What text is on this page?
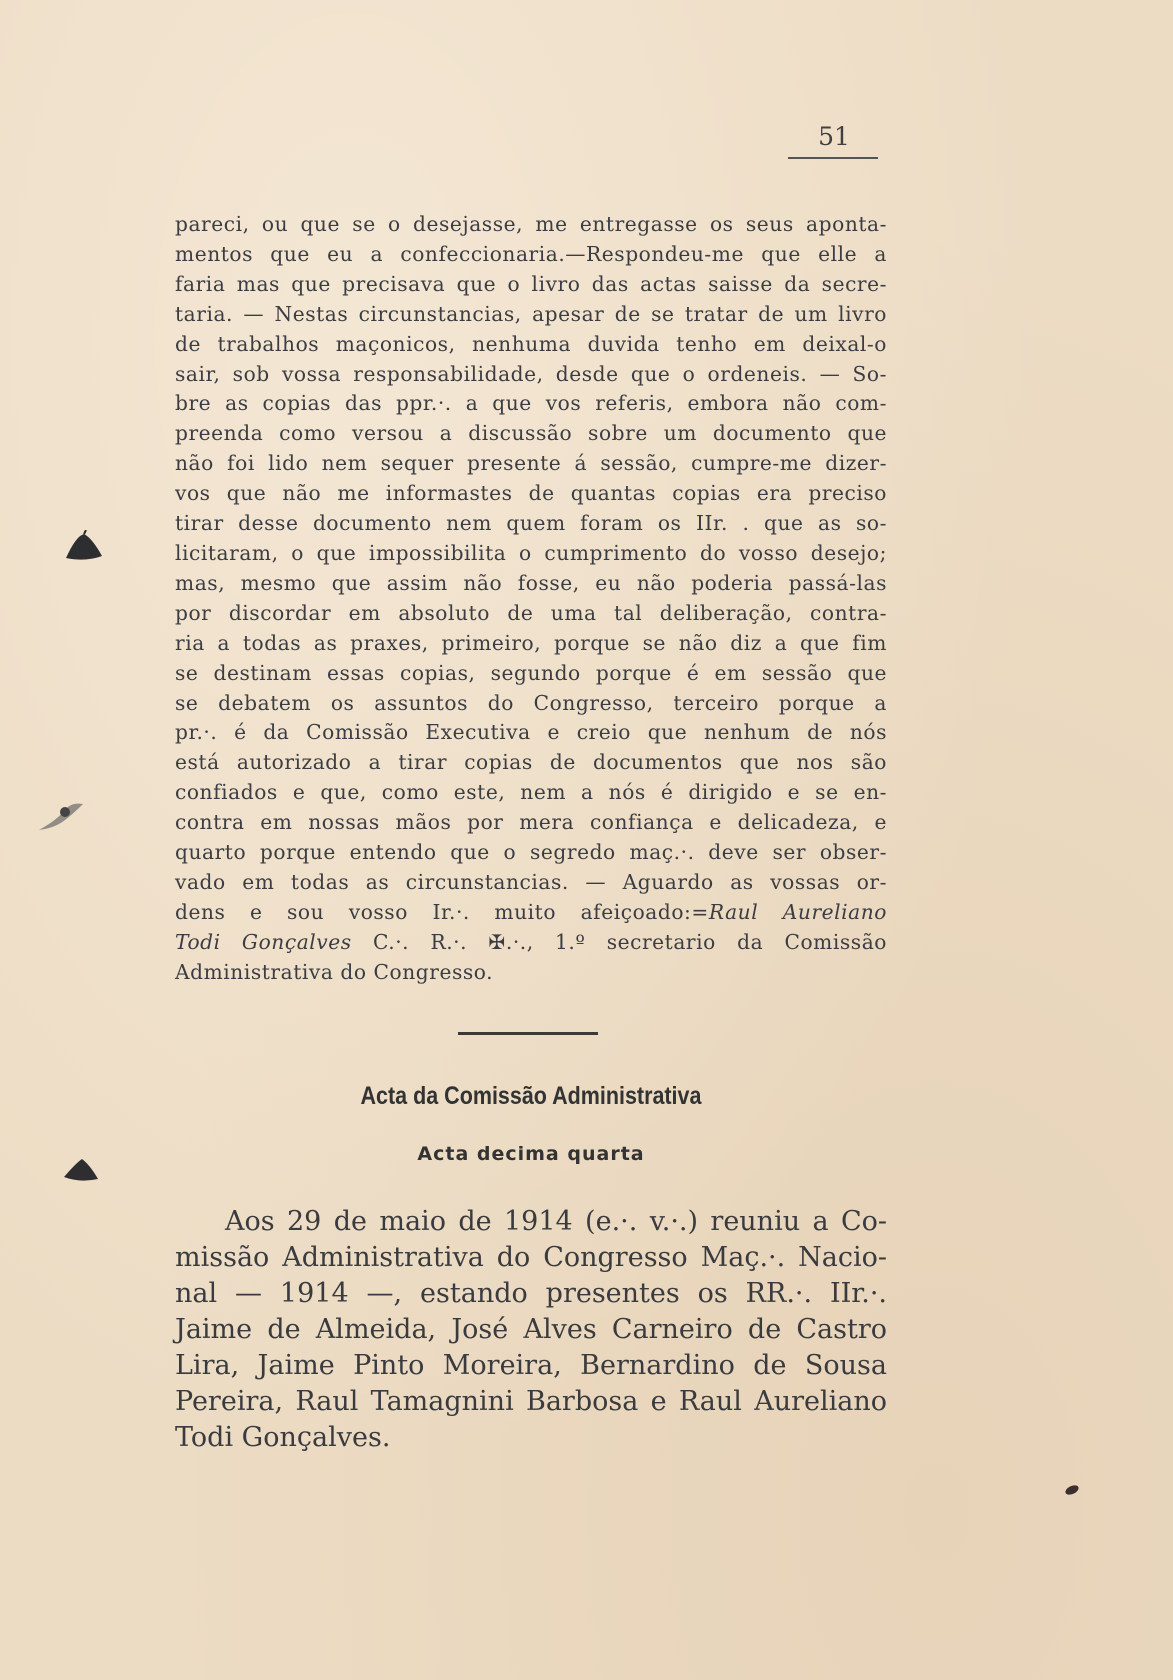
51
pareci, ou que se o desejasse, me entregasse os seus aponta-
mentos que eu a confeccionaria.—Respondeu-me que elle a
faria mas que precisava que o livro das actas saisse da secre-
taria. — Nestas circunstancias, apesar de se tratar de um livro
de trabalhos maçonicos, nenhuma duvida tenho em deixal-o
sair, sob vossa responsabilidade, desde que o ordeneis. — So-
bre as copias das ppr.·. a que vos referis, embora não com-
preenda como versou a discussão sobre um documento que
não foi lido nem sequer presente á sessão, cumpre-me dizer-
vos que não me informastes de quantas copias era preciso
tirar desse documento nem quem foram os IIr. . que as so-
licitaram, o que impossibilita o cumprimento do vosso desejo;
mas, mesmo que assim não fosse, eu não poderia passá-las
por discordar em absoluto de uma tal deliberação, contra-
ria a todas as praxes, primeiro, porque se não diz a que fim
se destinam essas copias, segundo porque é em sessão que
se debatem os assuntos do Congresso, terceiro porque a
pr.·. é da Comissão Executiva e creio que nenhum de nós
está autorizado a tirar copias de documentos que nos são
confiados e que, como este, nem a nós é dirigido e se en-
contra em nossas mãos por mera confiança e delicadeza, e
quarto porque entendo que o segredo maç.·. deve ser obser-
vado em todas as circunstancias. — Aguardo as vossas or-
dens e sou vosso Ir.·. muito afeiçoado:=Raul Aureliano
Todi Gonçalves C.·. R.·. ✠.·., 1.º secretario da Comissão
Administrativa do Congresso.
Acta da Comissão Administrativa
Acta decima quarta
Aos 29 de maio de 1914 (e.·. v.·.) reuniu a Co-
missão Administrativa do Congresso Maç.·. Nacio-
nal — 1914 —, estando presentes os RR.·. IIr.·.
Jaime de Almeida, José Alves Carneiro de Castro
Lira, Jaime Pinto Moreira, Bernardino de Sousa
Pereira, Raul Tamagnini Barbosa e Raul Aureliano
Todi Gonçalves.
